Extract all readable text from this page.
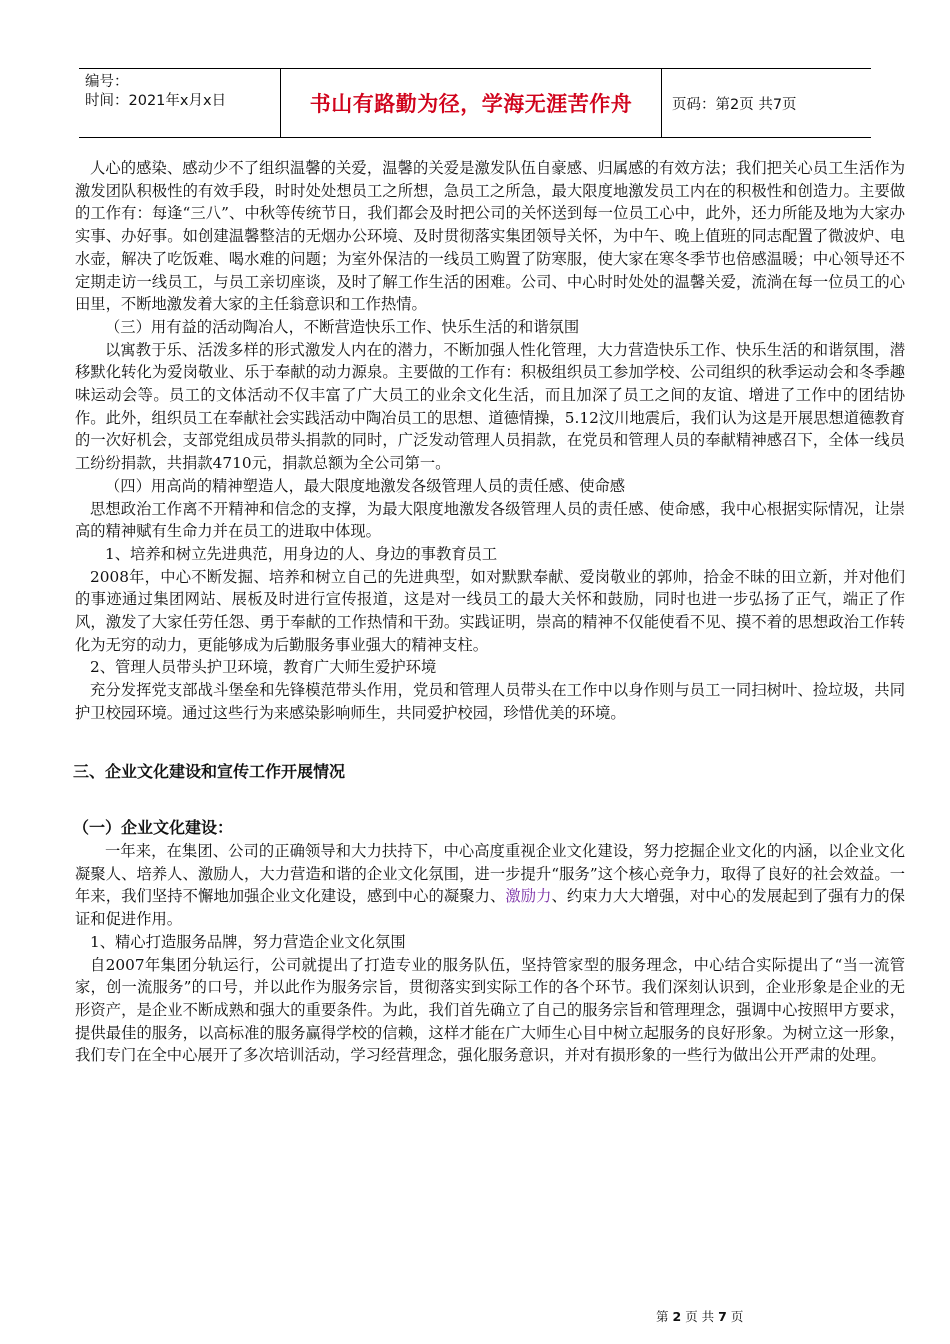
编号：
时间：2021年x月x日	书山有路勤为径，学海无涯苦作舟	页码：第2页 共7页

人心的感染、感动少不了组织温馨的关爱，温馨的关爱是激发队伍自豪感、归属感的有效方法；我们把关心员工生活作为激发团队积极性的有效手段，时时处处想员工之所想，急员工之所急，最大限度地激发员工内在的积极性和创造力。主要做的工作有：每逢“三八”、中秋等传统节日，我们都会及时把公司的关怀送到每一位员工心中，此外，还力所能及地为大家办实事、办好事。如创建温馨整洁的无烟办公环境、及时贯彻落实集团领导关怀，为中午、晚上值班的同志配置了微波炉、电水壶，解决了吃饭难、喝水难的问题；为室外保洁的一线员工购置了防寒服，使大家在寒冬季节也倍感温暖；中心领导还不定期走访一线员工，与员工亲切座谈，及时了解工作生活的困难。公司、中心时时处处的温馨关爱，流淌在每一位员工的心田里，不断地激发着大家的主任翁意识和工作热情。

（三）用有益的活动陶冶人，不断营造快乐工作、快乐生活的和谐氛围

以寓教于乐、活泼多样的形式激发人内在的潜力，不断加强人性化管理，大力营造快乐工作、快乐生活的和谐氛围，潜移默化转化为爱岗敬业、乐于奉献的动力源泉。主要做的工作有：积极组织员工参加学校、公司组织的秋季运动会和冬季趣味运动会等。员工的文体活动不仅丰富了广大员工的业余文化生活，而且加深了员工之间的友谊、增进了工作中的团结协作。此外，组织员工在奉献社会实践活动中陶冶员工的思想、道德情操，5.12汶川地震后，我们认为这是开展思想道德教育的一次好机会，支部党组成员带头捐款的同时，广泛发动管理人员捐款，在党员和管理人员的奉献精神感召下，全体一线员工纷纷捐款，共捐款4710元，捐款总额为全公司第一。

（四）用高尚的精神塑造人，最大限度地激发各级管理人员的责任感、使命感

思想政治工作离不开精神和信念的支撑，为最大限度地激发各级管理人员的责任感、使命感，我中心根据实际情况，让崇高的精神赋有生命力并在员工的进取中体现。

1、培养和树立先进典范，用身边的人、身边的事教育员工

2008年，中心不断发掘、培养和树立自己的先进典型，如对默默奉献、爱岗敬业的郭帅，拾金不昧的田立新，并对他们的事迹通过集团网站、展板及时进行宣传报道，这是对一线员工的最大关怀和鼓励，同时也进一步弘扬了正气，端正了作风，激发了大家任劳任怨、勇于奉献的工作热情和干劲。实践证明，崇高的精神不仅能使看不见、摸不着的思想政治工作转化为无穷的动力，更能够成为后勤服务事业强大的精神支柱。

2、管理人员带头护卫环境，教育广大师生爱护环境

充分发挥党支部战斗堡垒和先锋模范带头作用，党员和管理人员带头在工作中以身作则与员工一同扫树叶、捡垃圾，共同护卫校园环境。通过这些行为来感染影响师生，共同爱护校园，珍惜优美的环境。

三、企业文化建设和宣传工作开展情况
（一）企业文化建设：

一年来，在集团、公司的正确领导和大力扶持下，中心高度重视企业文化建设，努力挖掘企业文化的内涵，以企业文化凝聚人、培养人、激励人，大力营造和谐的企业文化氛围，进一步提升“服务”这个核心竞争力，取得了良好的社会效益。一年来，我们坚持不懈地加强企业文化建设，感到中心的凝聚力、激励力、约束力大大增强，对中心的发展起到了强有力的保证和促进作用。

1、精心打造服务品牌，努力营造企业文化氛围

自2007年集团分轨运行，公司就提出了打造专业的服务队伍，坚持管家型的服务理念，中心结合实际提出了“当一流管家，创一流服务”的口号，并以此作为服务宗旨，贯彻落实到实际工作的各个环节。我们深刻认识到，企业形象是企业的无形资产，是企业不断成熟和强大的重要条件。为此，我们首先确立了自己的服务宗旨和管理理念，强调中心按照甲方要求，提供最佳的服务，以高标准的服务赢得学校的信赖，这样才能在广大师生心目中树立起服务的良好形象。为树立这一形象，我们专门在全中心展开了多次培训活动，学习经营理念，强化服务意识，并对有损形象的一些行为做出公开严肃的处理。

第 2 页 共 7 页
